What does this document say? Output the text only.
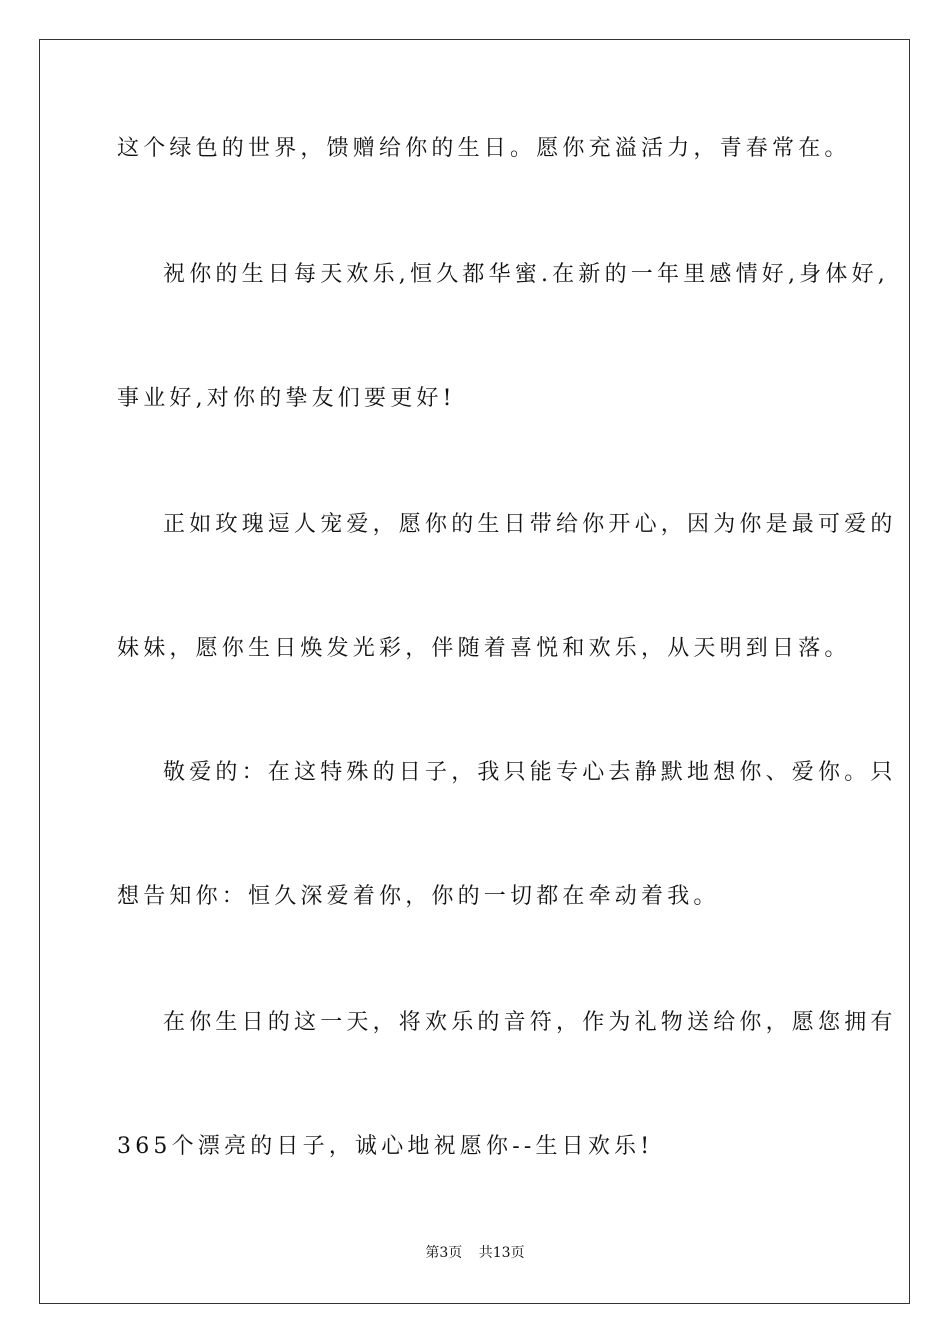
这个绿色的世界，馈赠给你的生日。愿你充溢活力，青春常在。
祝你的生日每天欢乐,恒久都华蜜.在新的一年里感情好,身体好,
事业好,对你的挚友们要更好!
正如玫瑰逗人宠爱，愿你的生日带给你开心，因为你是最可爱的
妹妹，愿你生日焕发光彩，伴随着喜悦和欢乐，从天明到日落。
敬爱的：在这特殊的日子，我只能专心去静默地想你、爱你。只
想告知你：恒久深爱着你，你的一切都在牵动着我。
在你生日的这一天，将欢乐的音符，作为礼物送给你，愿您拥有
365个漂亮的日子，诚心地祝愿你--生日欢乐!
第3页 共13页
